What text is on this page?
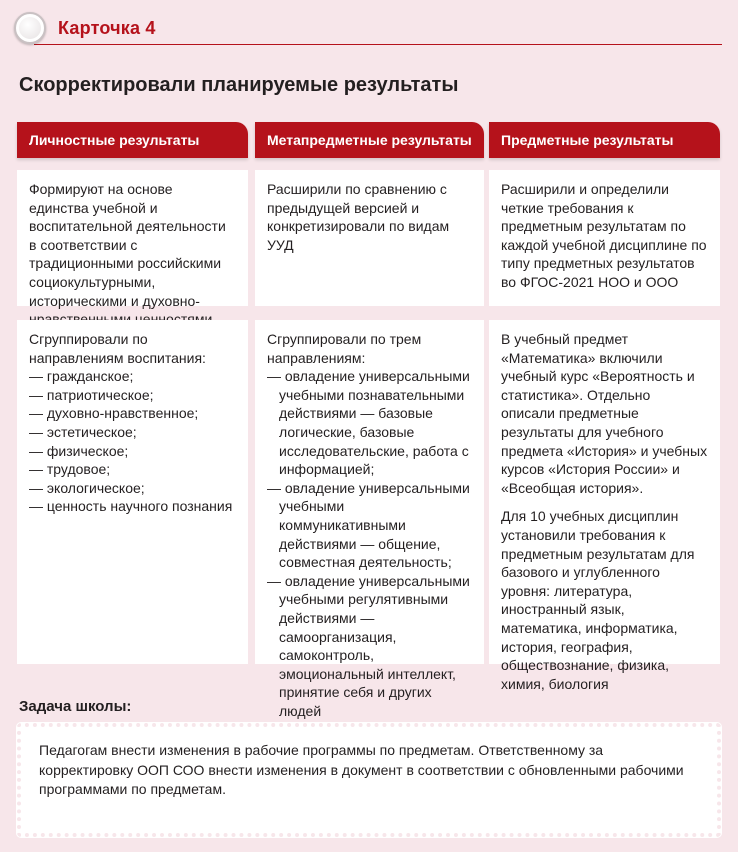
Карточка 4
Скорректировали планируемые результаты
Личностные результаты	Метапредметные результаты	Предметные результаты

Формируют на основе единства учебной и воспитательной деятельности в соответствии с традиционными российскими социокультурными, историческими и духовно-

Расширили по сравнению с предыдущей версией и конкретизировали по видам УУД

Расширили и определили четкие требования к предметным результатам по каждой учебной дисциплине по типу предметных результатов во ФГОС-2021 НОО и ООО

Сгруппировали по направлениям воспитания:

— гражданское;
— патриотическое;
— духовно-нравственное;
— эстетическое;
— физическое;
— трудовое;
— экологическое;
— ценность научного познания

Сгруппировали по трем направлениям:

— овладение универсальными учебными познавательными действиями — базовые логические, базовые исследовательские, работа с информацией;
— овладение универсальными учебными коммуникативными действиями — общение, совместная деятельность;
— овладение универсальными учебными регулятивными действиями — самоорганизация, самоконтроль, эмоциональный интеллект, принятие себя и других людей

В учебный предмет «Математика» включили учебный курс «Вероятность и статистика». Отдельно описали предметные результаты для учебного предмета «История» и учебных курсов «История России» и «Всеобщая история».

Для 10 учебных дисциплин установили требования к предметным результатам для базового и углубленного уровня: литература, иностранный язык, математика, информатика, история, география, обществознание, физика, химия, биология

Задача школы:

Педагогам внести изменения в рабочие программы по предметам. Ответственному за корректировку ООП СОО внести изменения в документ в соответствии с обновленными рабочими программами по предметам.
